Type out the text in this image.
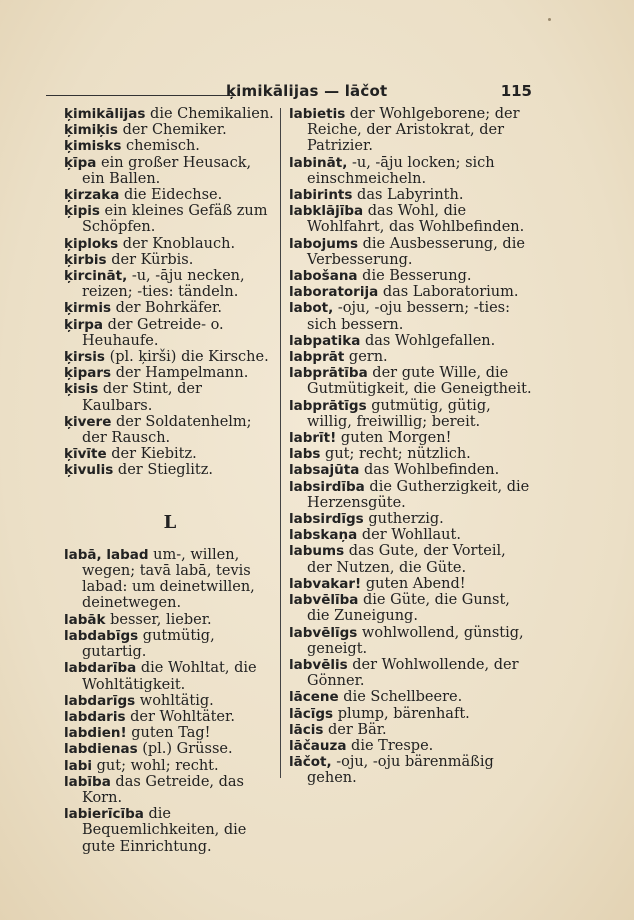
ķimikālijas — lāčot	115

ķimikālijas die Chemikalien.

ķimiķis der Chemiker.

ķimisks chemisch.

ķīpa ein großer Heusack, ein Ballen.

ķirzaka die Eidechse.

ķipis ein kleines Gefäß zum Schöpfen.

ķiploks der Knoblauch.

ķirbis der Kürbis.

ķircināt, -u, -āju necken, reizen; -ties: tändeln.

ķirmis der Bohrkäfer.

ķirpa der Getreide- o. Heuhaufe.

ķirsis (pl. ķirši) die Kirsche.

ķipars der Hampelmann.

ķisis der Stint, der Kaulbars.

ķivere der Soldatenhelm; der Rausch.

ķīvīte der Kiebitz.

ķivulis der Stieglitz.

L

labā, labad um-, willen, wegen; tavā labā, tevis labad: um deinetwillen, deinetwegen.

labāk besser, lieber.

labdabīgs gutmütig, gutartig.

labdarība die Wohltat, die Wohltätigkeit.

labdarīgs wohltätig.

labdaris der Wohltäter.

labdien! guten Tag!

labdienas (pl.) Grüsse.

labi gut; wohl; recht.

labība das Getreide, das Korn.

labierīcība die Bequemlichkeiten, die gute Einrichtung.

labietis der Wohlgeborene; der Reiche, der Aristokrat, der Patrizier.

labināt, -u, -āju locken; sich einschmeicheln.

labirints das Labyrinth.

labklājība das Wohl, die Wohlfahrt, das Wohlbefinden.

labojums die Ausbesserung, die Verbesserung.

labošana die Besserung.

laboratorija das Laboratorium.

labot, -oju, -oju bessern; -ties: sich bessern.

labpatika das Wohlgefallen.

labprāt gern.

labprātība der gute Wille, die Gutmütigkeit, die Geneigtheit.

labprātīgs gutmütig, gütig, willig, freiwillig; bereit.

labrīt! guten Morgen!

labs gut; recht; nützlich.

labsajūta das Wohlbefinden.

labsirdība die Gutherzigkeit, die Herzensgüte.

labsirdīgs gutherzig.

labskaņa der Wohllaut.

labums das Gute, der Vorteil, der Nutzen, die Güte.

labvakar! guten Abend!

labvēlība die Güte, die Gunst, die Zuneigung.

labvēlīgs wohlwollend, günstig, geneigt.

labvēlis der Wohlwollende, der Gönner.

lācene die Schellbeere.

lācīgs plump, bärenhaft.

lācis der Bär.

lāčauza die Trespe.

lāčot, -oju, -oju bärenmäßig gehen.
